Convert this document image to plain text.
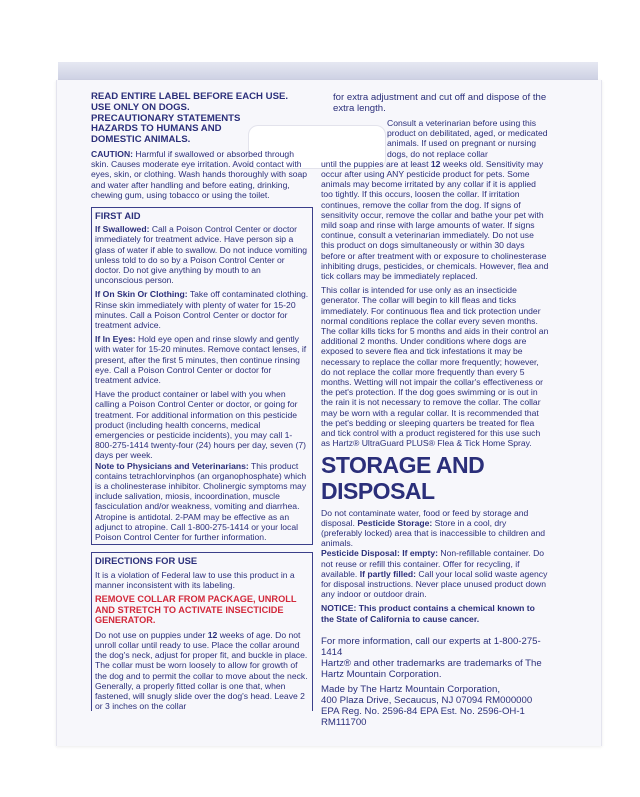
READ ENTIRE LABEL BEFORE EACH USE.
USE ONLY ON DOGS.
PRECAUTIONARY STATEMENTS
HAZARDS TO HUMANS AND
DOMESTIC ANIMALS.

CAUTION: Harmful if swallowed or absorbed through skin. Causes moderate eye irritation. Avoid contact with eyes, skin, or clothing. Wash hands thoroughly with soap and water after handling and before eating, drinking, chewing gum, using tobacco or using the toilet.

FIRST AID

If Swallowed: Call a Poison Control Center or doctor immediately for treatment advice. Have person sip a glass of water if able to swallow. Do not induce vomiting unless told to do so by a Poison Control Center or doctor. Do not give anything by mouth to an unconscious person.

If On Skin Or Clothing: Take off contaminated clothing. Rinse skin immediately with plenty of water for 15-20 minutes. Call a Poison Control Center or doctor for treatment advice.

If In Eyes: Hold eye open and rinse slowly and gently with water for 15-20 minutes. Remove contact lenses, if present, after the first 5 minutes, then continue rinsing eye. Call a Poison Control Center or doctor for treatment advice.

Have the product container or label with you when calling a Poison Control Center or doctor, or going for treatment. For additional information on this pesticide product (including health concerns, medical emergencies or pesticide incidents), you may call 1-800-275-1414 twenty-four (24) hours per day, seven (7) days per week.

Note to Physicians and Veterinarians: This product contains tetrachlorvinphos (an organophosphate) which is a cholinesterase inhibitor. Cholinergic symptoms may include salivation, miosis, incoordination, muscle fasciculation and/or weakness, vomiting and diarrhea. Atropine is antidotal. 2-PAM may be effective as an adjunct to atropine. Call 1-800-275-1414 or your local Poison Control Center for further information.

DIRECTIONS FOR USE

It is a violation of Federal law to use this product in a manner inconsistent with its labeling.

REMOVE COLLAR FROM PACKAGE, UNROLL AND STRETCH TO ACTIVATE INSECTICIDE GENERATOR.

Do not use on puppies under 12 weeks of age. Do not unroll collar until ready to use. Place the collar around the dog's neck, adjust for proper fit, and buckle in place. The collar must be worn loosely to allow for growth of the dog and to permit the collar to move about the neck. Generally, a properly fitted collar is one that, when fastened, will snugly slide over the dog's head. Leave 2 or 3 inches on the collar

for extra adjustment and cut off and dispose of the extra length.

Consult a veterinarian before using this product on debilitated, aged, or medicated animals. If used on pregnant or nursing dogs, do not replace collar

until the puppies are at least 12 weeks old. Sensitivity may occur after using ANY pesticide product for pets. Some animals may become irritated by any collar if it is applied too tightly. If this occurs, loosen the collar. If irritation continues, remove the collar from the dog. If signs of sensitivity occur, remove the collar and bathe your pet with mild soap and rinse with large amounts of water. If signs continue, consult a veterinarian immediately. Do not use this product on dogs simultaneously or within 30 days before or after treatment with or exposure to cholinesterase inhibiting drugs, pesticides, or chemicals. However, flea and tick collars may be immediately replaced.

This collar is intended for use only as an insecticide generator. The collar will begin to kill fleas and ticks immediately. For continuous flea and tick protection under normal conditions replace the collar every seven months. The collar kills ticks for 5 months and aids in their control an additional 2 months. Under conditions where dogs are exposed to severe flea and tick infestations it may be necessary to replace the collar more frequently; however, do not replace the collar more frequently than every 5 months. Wetting will not impair the collar's effectiveness or the pet's protection. If the dog goes swimming or is out in the rain it is not necessary to remove the collar. The collar may be worn with a regular collar. It is recommended that the pet's bedding or sleeping quarters be treated for flea and tick control with a product registered for this use such as Hartz® UltraGuard PLUS® Flea & Tick Home Spray.

STORAGE AND DISPOSAL

Do not contaminate water, food or feed by storage and disposal. Pesticide Storage: Store in a cool, dry (preferably locked) area that is inaccessible to children and animals.

Pesticide Disposal: If empty: Non-refillable container. Do not reuse or refill this container. Offer for recycling, if available. If partly filled: Call your local solid waste agency for disposal instructions. Never place unused product down any indoor or outdoor drain.

NOTICE: This product contains a chemical known to the State of California to cause cancer.

For more information, call our experts at 1-800-275-1414

Hartz® and other trademarks are trademarks of The Hartz Mountain Corporation.

Made by The Hartz Mountain Corporation,

400 Plaza Drive, Secaucus, NJ 07094 RM000000

EPA Reg. No. 2596-84 EPA Est. No. 2596-OH-1

RM111700
